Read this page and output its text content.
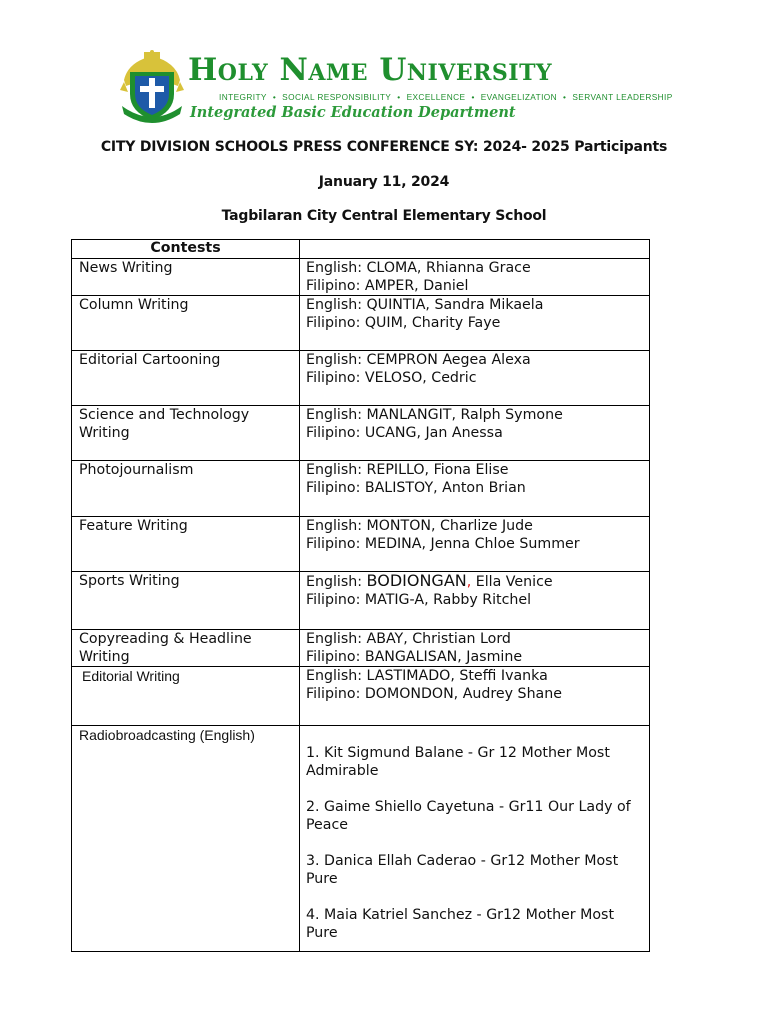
Holy Name University
INTEGRITY • SOCIAL RESPONSIBILITY • EXCELLENCE • EVANGELIZATION • SERVANT LEADERSHIP
Integrated Basic Education Department
CITY DIVISION SCHOOLS PRESS CONFERENCE SY: 2024- 2025 Participants
January 11, 2024
Tagbilaran City Central Elementary School
Contests	
News Writing	English: CLOMA, Rhianna Grace
Filipino: AMPER, Daniel

Column Writing	English: QUINTIA, Sandra Mikaela
Filipino: QUIM, Charity Faye

Editorial Cartooning	English: CEMPRON Aegea Alexa
Filipino: VELOSO, Cedric

Science and Technology Writing	English: MANLANGIT, Ralph Symone
Filipino: UCANG, Jan Anessa

Photojournalism	English: REPILLO, Fiona Elise
Filipino: BALISTOY, Anton Brian

Feature Writing	English: MONTON, Charlize Jude
Filipino: MEDINA, Jenna Chloe Summer

Sports Writing	English: BODIONGAN, Ella Venice
Filipino: MATIG-A, Rabby Ritchel

Copyreading & Headline Writing	English: ABAY, Christian Lord
Filipino: BANGALISAN, Jasmine

Editorial Writing	English: LASTIMADO, Steffi Ivanka
Filipino: DOMONDON, Audrey Shane

Radiobroadcasting (English)	1. Kit Sigmund Balane - Gr 12 Mother Most Admirable
2. Gaime Shiello Cayetuna - Gr11 Our Lady of Peace
3. Danica Ellah Caderao - Gr12 Mother Most Pure
4. Maia Katriel Sanchez - Gr12 Mother Most Pure
